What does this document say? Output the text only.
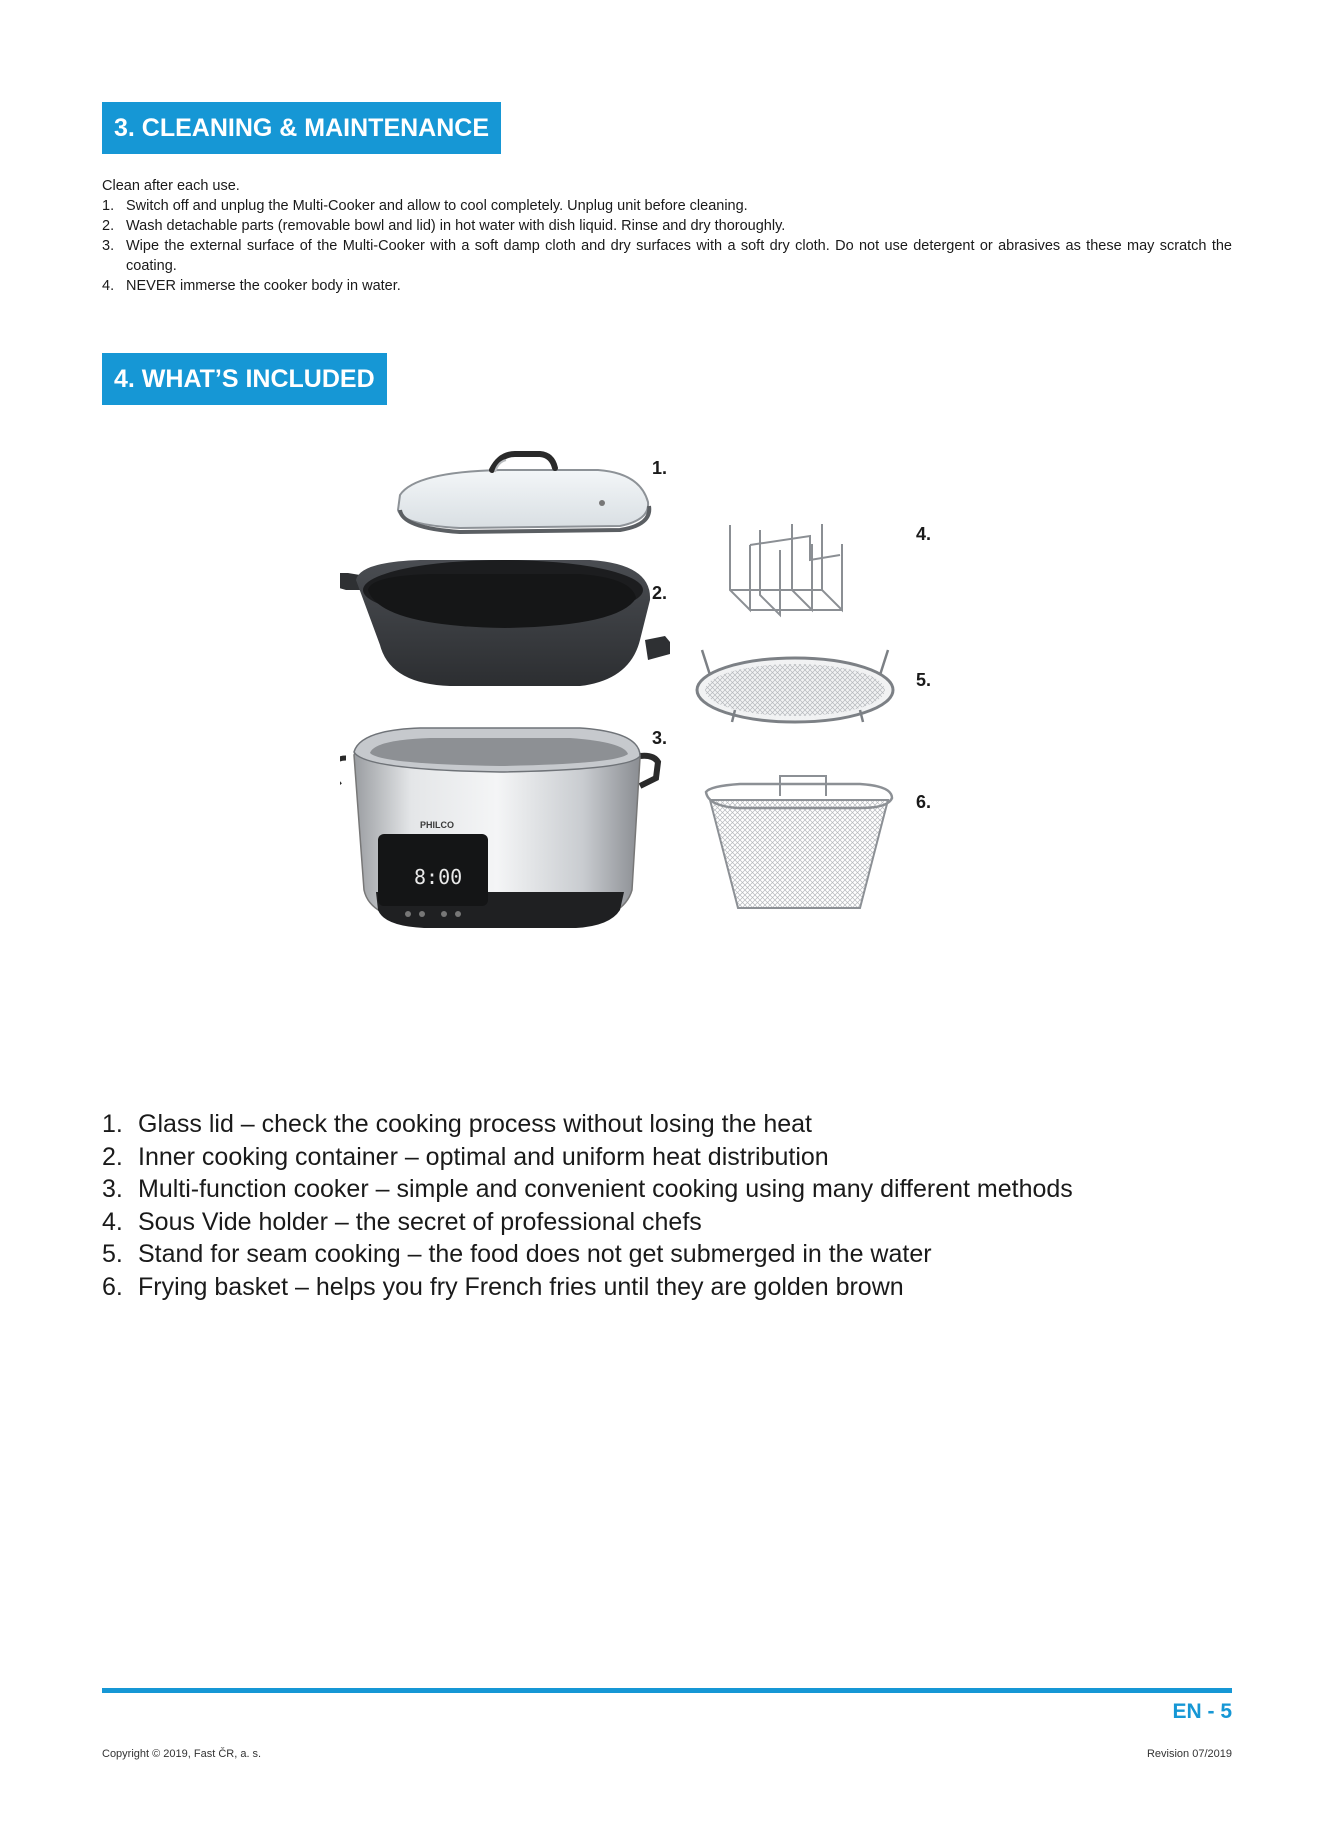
3. CLEANING & MAINTENANCE

Clean after each use.

1. Switch off and unplug the Multi-Cooker and allow to cool completely. Unplug unit before cleaning.
2. Wash detachable parts (removable bowl and lid) in hot water with dish liquid. Rinse and dry thoroughly.
3. Wipe the external surface of the Multi-Cooker with a soft damp cloth and dry surfaces with a soft dry cloth. Do not use detergent or abrasives as these may scratch the coating.
4. NEVER immerse the cooker body in water.
4. WHAT’S INCLUDED
PHILCO
8:00
1.
2.
3.
4.
5.
6.
1. Glass lid – check the cooking process without losing the heat
2. Inner cooking container – optimal and uniform heat distribution
3. Multi-function cooker – simple and convenient cooking using many different methods
4. Sous Vide holder – the secret of professional chefs
5. Stand for seam cooking – the food does not get submerged in the water
6. Frying basket – helps you fry French fries until they are golden brown
EN - 5
Copyright © 2019, Fast ČR, a. s.	Revision 07/2019
